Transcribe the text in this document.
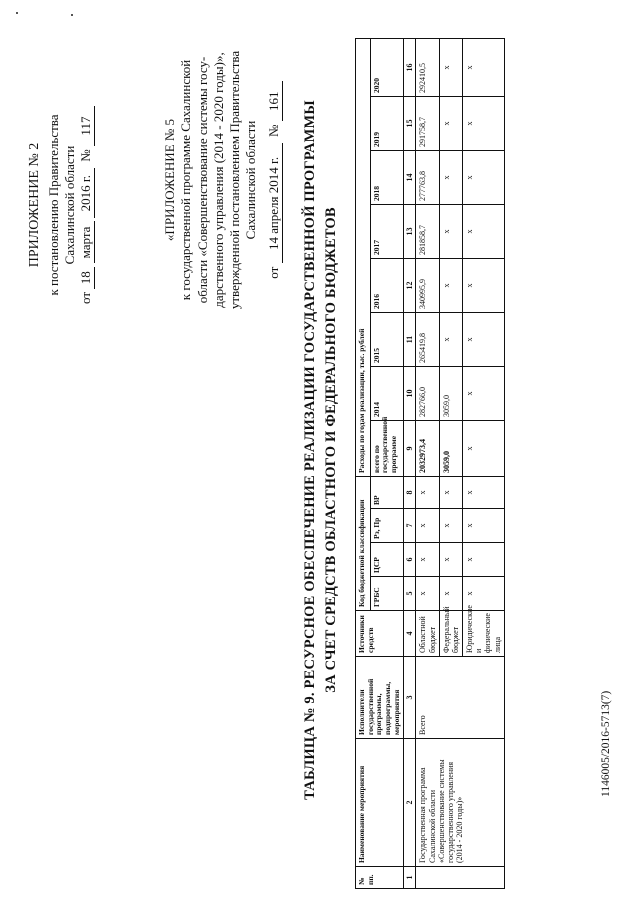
ПРИЛОЖЕНИЕ № 2 к постановлению Правительства Сахалинской области
от 18 марта 2016 г.  № 117	«ПРИЛОЖЕНИЕ № 5 к государственной программе Сахалинской области «Совершенствование системы госу- дарственного управления (2014 - 2020 годы)», утвержденной постановлением Правительства Сахалинской области
от 14 апреля 2014 г.  № 161 ТАБЛИЦА № 9. РЕСУРСНОЕ ОБЕСПЕЧЕНИЕ РЕАЛИЗАЦИИ ГОСУДАРСТВЕННОЙ ПРОГРАММЫ ЗА СЧЕТ СРЕДСТВ ОБЛАСТНОГО И ФЕДЕРАЛЬНОГО БЮДЖЕТОВ
№ пп.	Наименование мероприятия	Исполнители государственной программы, подпрограммы, мероприятия	Источники средств	Код бюджетной классификации				Расходы по годам реализации, тыс. рублей							
				ГРБС	ЦСР	Рз, Пр	ВР	всего по государственной программе	2014	2015	2016	2017	2018	2019	2020
1	2	3	4	5	6	7	8	9	10	11	12	13	14	15	16
	Государственная программа Сахалинской области «Совершенствование системы государственного управления (2014 - 2020 годы)»	Всего	Областной бюджет	х	х	х	х	2032973,4	282766,0	265419,8	340995,9	281858,7	277763,8	291758,7	292410,5
			Федеральный бюджет	х	х	х	х	3059,0	3059,0	х	х	х	х	х	х
			Юридические и физические лица	х	х	х	х	х	х	х	х	х	х	х	х
1146005/2016-5713(7)
